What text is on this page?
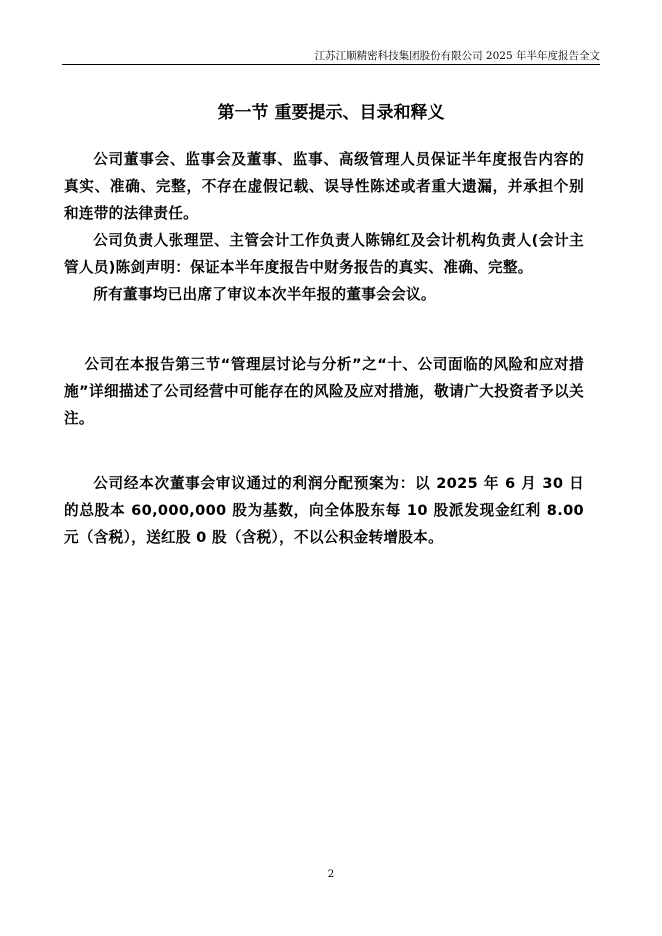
江苏江顺精密科技集团股份有限公司 2025 年半年度报告全文
第一节 重要提示、目录和释义

公司董事会、监事会及董事、监事、高级管理人员保证半年度报告内容的真实、准确、完整，不存在虚假记载、误导性陈述或者重大遗漏，并承担个别和连带的法律责任。

公司负责人张理罡、主管会计工作负责人陈锦红及会计机构负责人(会计主管人员)陈剑声明：保证本半年度报告中财务报告的真实、准确、完整。

所有董事均已出席了审议本次半年报的董事会会议。

公司在本报告第三节“管理层讨论与分析”之“十、公司面临的风险和应对措施”详细描述了公司经营中可能存在的风险及应对措施，敬请广大投资者予以关注。

公司经本次董事会审议通过的利润分配预案为：以 2025 年 6 月 30 日的总股本 60,000,000 股为基数，向全体股东每 10 股派发现金红利 8.00 元（含税），送红股 0 股（含税），不以公积金转增股本。

2
